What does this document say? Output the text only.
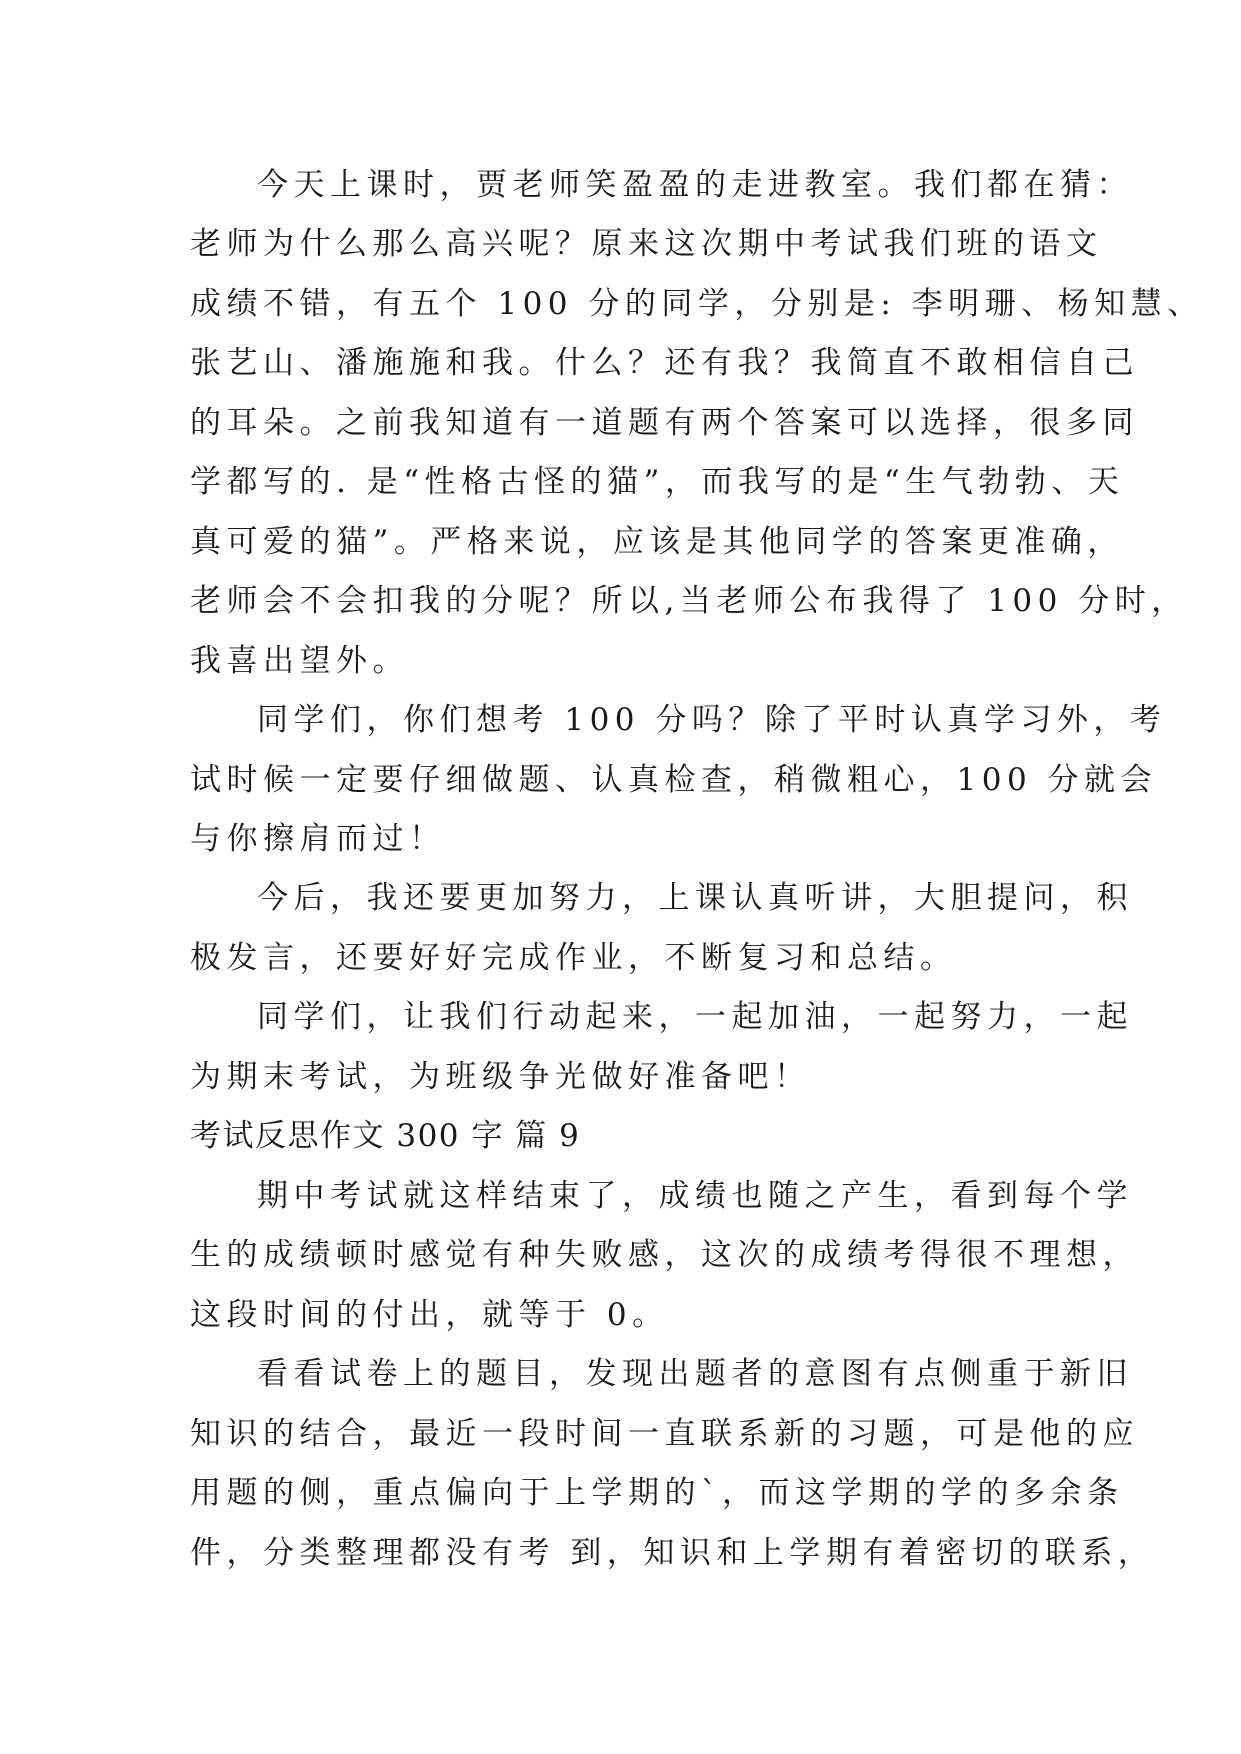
今天上课时，贾老师笑盈盈的走进教室。我们都在猜：
老师为什么那么高兴呢？原来这次期中考试我们班的语文
成绩不错，有五个 100 分的同学，分别是: 李明珊、杨知慧、
张艺山、潘施施和我。什么？还有我？我简直不敢相信自己
的耳朵。之前我知道有一道题有两个答案可以选择，很多同
学都写的. 是“性格古怪的猫”，而我写的是“生气勃勃、天
真可爱的猫”。严格来说，应该是其他同学的答案更准确，
老师会不会扣我的分呢？所以,当老师公布我得了 100 分时，
我喜出望外。
同学们，你们想考 100 分吗？除了平时认真学习外，考
试时候一定要仔细做题、认真检查，稍微粗心，100 分就会
与你擦肩而过！
今后，我还要更加努力，上课认真听讲，大胆提问，积
极发言，还要好好完成作业，不断复习和总结。
同学们，让我们行动起来，一起加油，一起努力，一起
为期末考试，为班级争光做好准备吧！
考试反思作文 300 字 篇 9
期中考试就这样结束了，成绩也随之产生，看到每个学
生的成绩顿时感觉有种失败感，这次的成绩考得很不理想，
这段时间的付出，就等于 0。
看看试卷上的题目，发现出题者的意图有点侧重于新旧
知识的结合，最近一段时间一直联系新的习题，可是他的应
用题的侧，重点偏向于上学期的`，而这学期的学的多余条
件，分类整理都没有考 到，知识和上学期有着密切的联系，
